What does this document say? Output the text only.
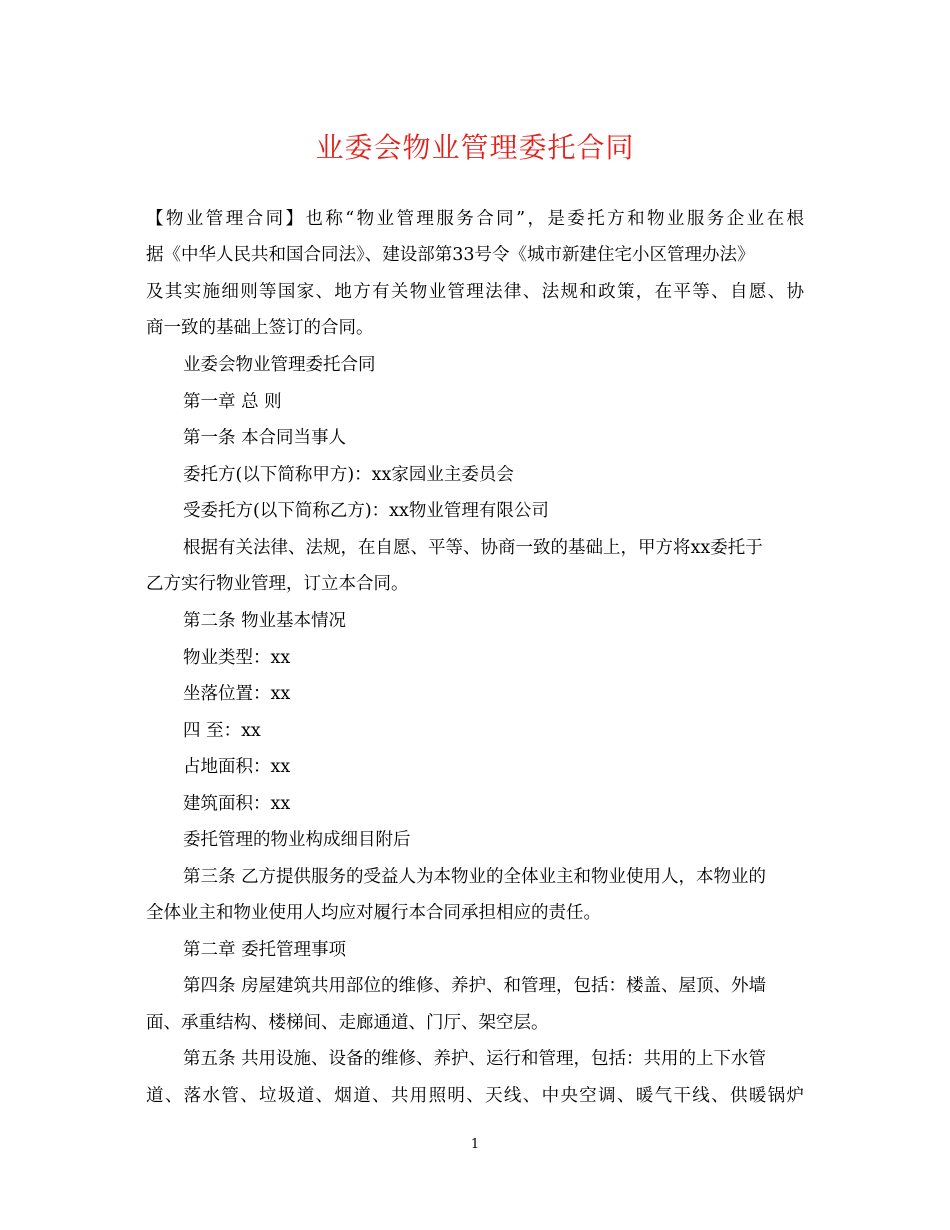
业委会物业管理委托合同
【物业管理合同】也称“物业管理服务合同”，是委托方和物业服务企业在根
据《中华人民共和国合同法》、建设部第33号令《城市新建住宅小区管理办法》
及其实施细则等国家、地方有关物业管理法律、法规和政策，在平等、自愿、协
商一致的基础上签订的合同。
业委会物业管理委托合同
第一章 总 则
第一条 本合同当事人
委托方(以下简称甲方)：xx家园业主委员会
受委托方(以下简称乙方)：xx物业管理有限公司
根据有关法律、法规，在自愿、平等、协商一致的基础上，甲方将xx委托于
乙方实行物业管理，订立本合同。
第二条 物业基本情况
物业类型：xx
坐落位置：xx
四 至：xx
占地面积：xx
建筑面积：xx
委托管理的物业构成细目附后
第三条 乙方提供服务的受益人为本物业的全体业主和物业使用人，本物业的
全体业主和物业使用人均应对履行本合同承担相应的责任。
第二章 委托管理事项
第四条 房屋建筑共用部位的维修、养护、和管理，包括：楼盖、屋顶、外墙
面、承重结构、楼梯间、走廊通道、门厅、架空层。
第五条 共用设施、设备的维修、养护、运行和管理，包括：共用的上下水管
道、落水管、垃圾道、烟道、共用照明、天线、中央空调、暖气干线、供暖锅炉
1
